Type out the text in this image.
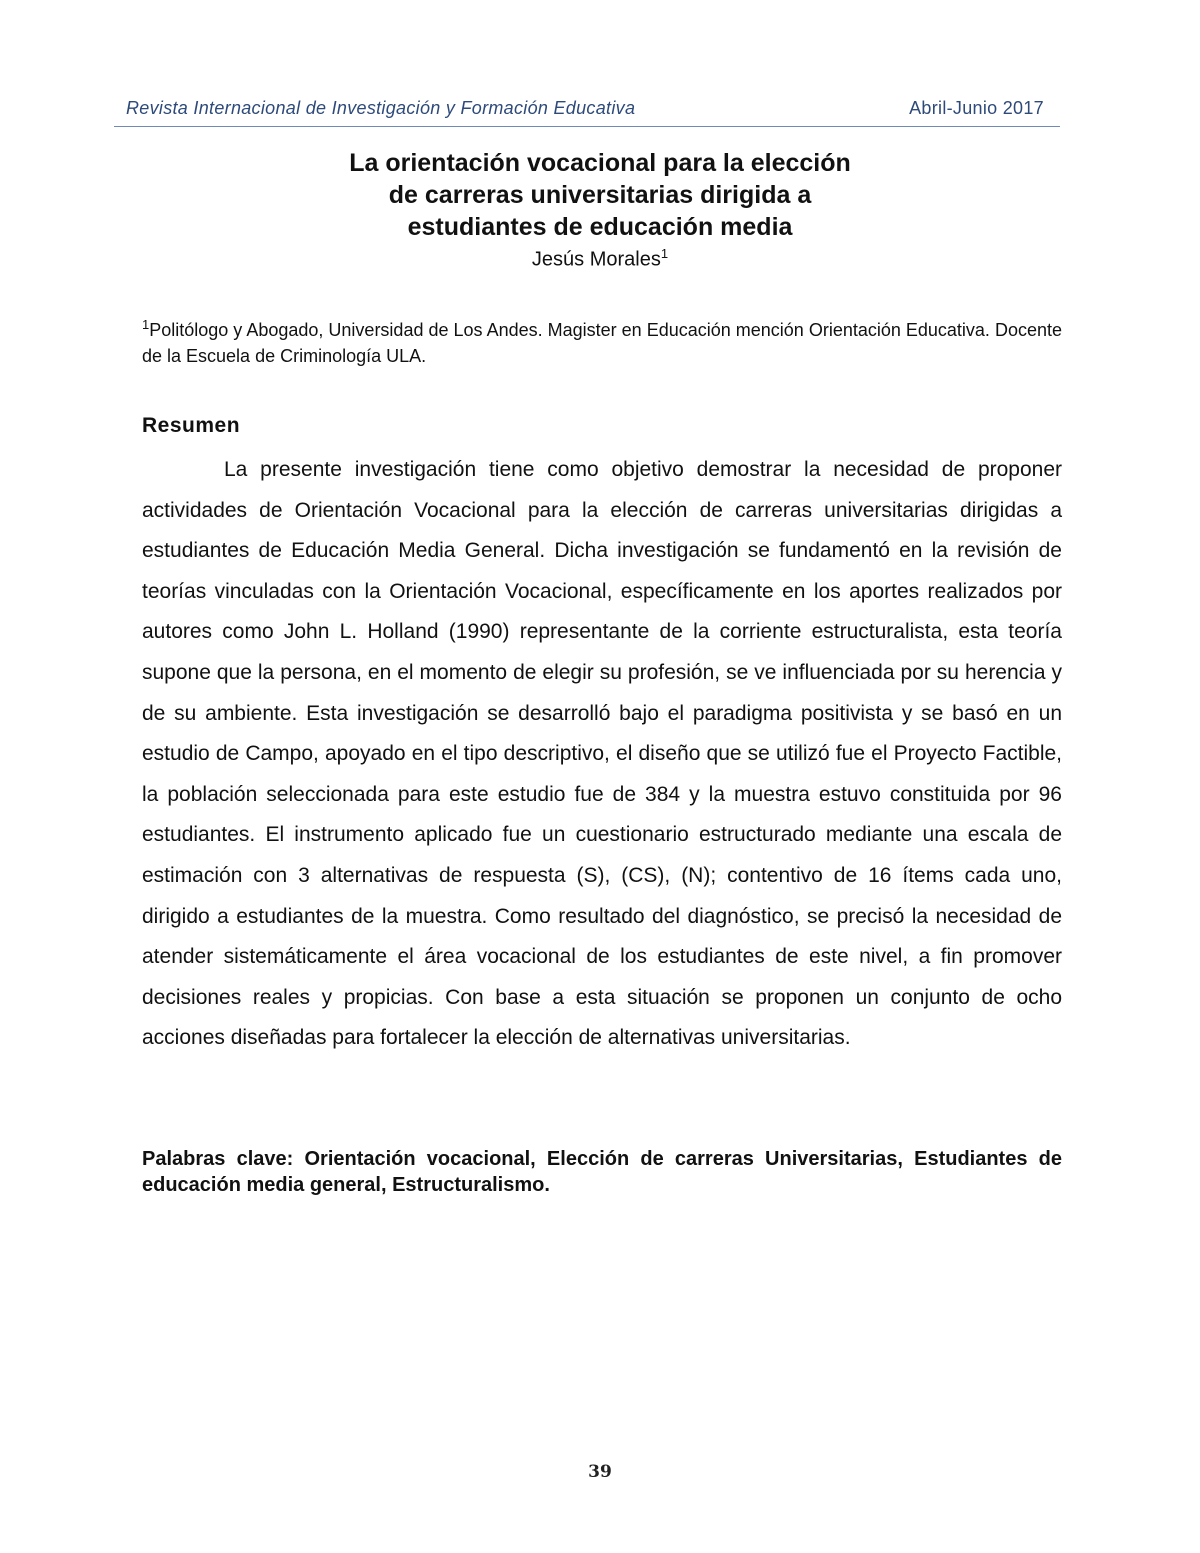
Revista Internacional de Investigación y Formación Educativa	Abril-Junio 2017
La orientación vocacional para la elección
de carreras universitarias dirigida a
estudiantes de educación media
Jesús Morales$^1$
$^1$Politólogo y Abogado, Universidad de Los Andes. Magister en Educación mención Orientación Educativa. Docente de la Escuela de Criminología ULA.
Resumen

La presente investigación tiene como objetivo demostrar la necesidad de proponer actividades de Orientación Vocacional para la elección de carreras universitarias dirigidas a estudiantes de Educación Media General. Dicha investigación se fundamentó en la revisión de teorías vinculadas con la Orientación Vocacional, específicamente en los aportes realizados por autores como John L. Holland (1990) representante de la corriente estructuralista, esta teoría supone que la persona, en el momento de elegir su profesión, se ve influenciada por su herencia y de su ambiente. Esta investigación se desarrolló bajo el paradigma positivista y se basó en un estudio de Campo, apoyado en el tipo descriptivo, el diseño que se utilizó fue el Proyecto Factible, la población seleccionada para este estudio fue de 384 y la muestra estuvo constituida por 96 estudiantes. El instrumento aplicado fue un cuestionario estructurado mediante una escala de estimación con 3 alternativas de respuesta (S), (CS), (N); contentivo de 16 ítems cada uno, dirigido a estudiantes de la muestra. Como resultado del diagnóstico, se precisó la necesidad de atender sistemáticamente el área vocacional de los estudiantes de este nivel, a fin promover decisiones reales y propicias. Con base a esta situación se proponen un conjunto de ocho acciones diseñadas para fortalecer la elección de alternativas universitarias.

Palabras clave: Orientación vocacional, Elección de carreras Universitarias, Estudiantes de educación media general, Estructuralismo.
39
